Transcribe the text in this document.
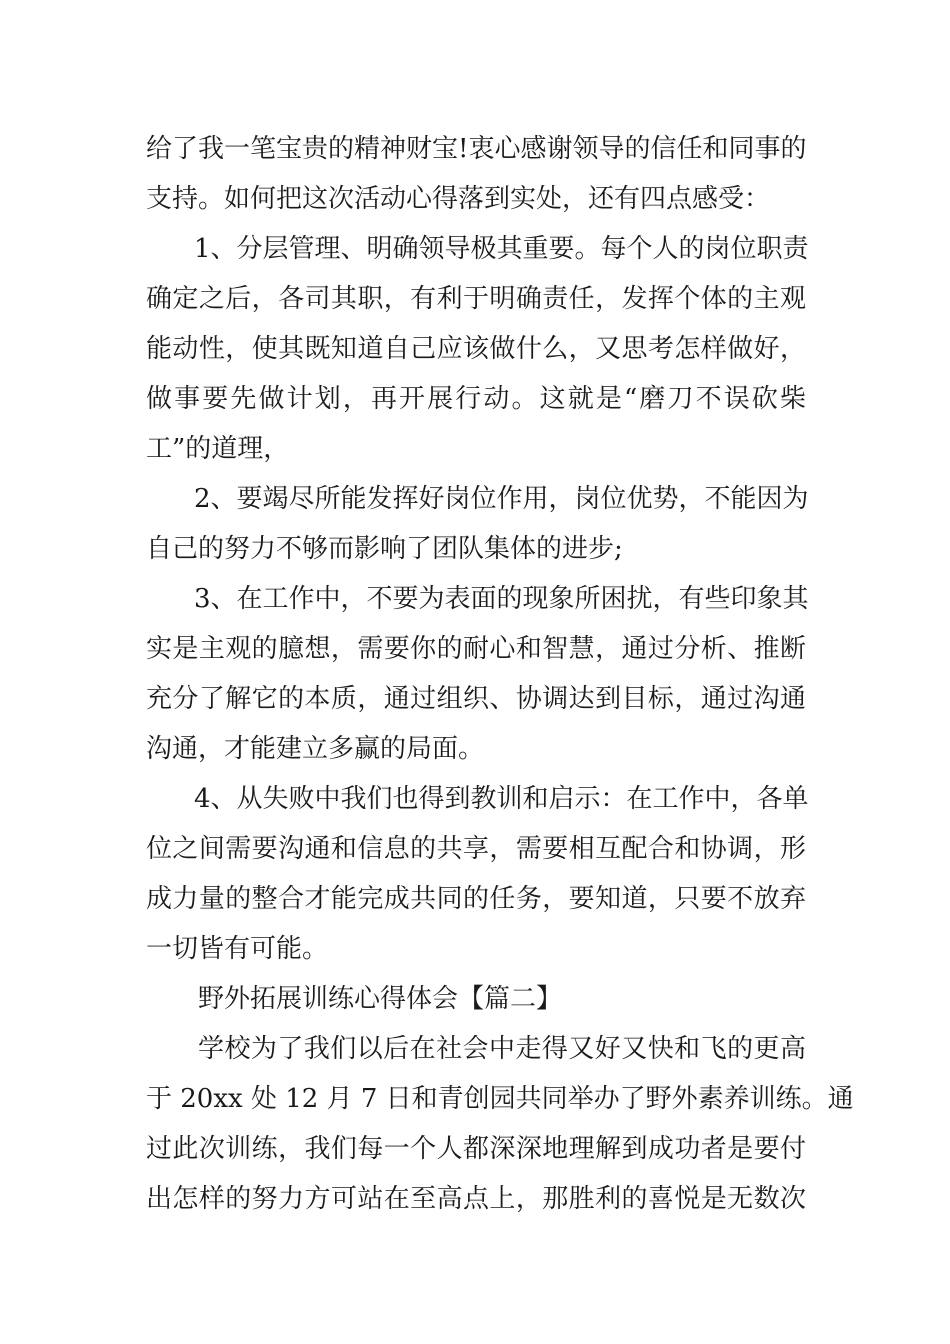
给了我一笔宝贵的精神财宝!衷心感谢领导的信任和同事的
支持。如何把这次活动心得落到实处，还有四点感受：
1、分层管理、明确领导极其重要。每个人的岗位职责
确定之后，各司其职，有利于明确责任，发挥个体的主观
能动性，使其既知道自己应该做什么，又思考怎样做好，
做事要先做计划，再开展行动。这就是“磨刀不误砍柴
工”的道理，
2、要竭尽所能发挥好岗位作用，岗位优势，不能因为
自己的努力不够而影响了团队集体的进步;
3、在工作中，不要为表面的现象所困扰，有些印象其
实是主观的臆想，需要你的耐心和智慧，通过分析、推断
充分了解它的本质，通过组织、协调达到目标，通过沟通
沟通，才能建立多赢的局面。
4、从失败中我们也得到教训和启示：在工作中，各单
位之间需要沟通和信息的共享，需要相互配合和协调，形
成力量的整合才能完成共同的任务，要知道，只要不放弃
一切皆有可能。
野外拓展训练心得体会【篇二】
学校为了我们以后在社会中走得又好又快和飞的更高
于 20xx 处 12 月 7 日和青创园共同举办了野外素养训练。通
过此次训练，我们每一个人都深深地理解到成功者是要付
出怎样的努力方可站在至高点上，那胜利的喜悦是无数次
